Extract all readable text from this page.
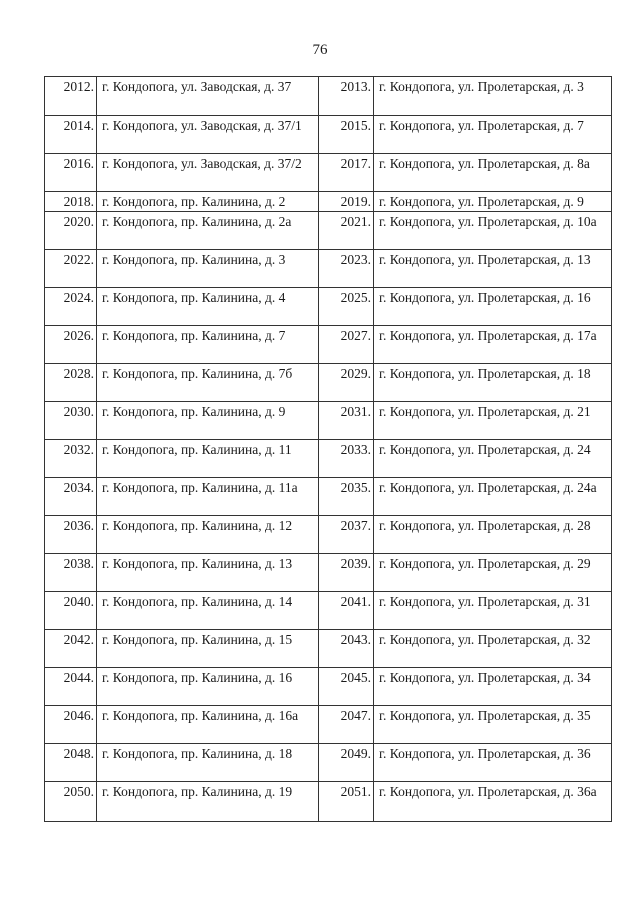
76
2012.	г. Кондопога, ул. Заводская, д. 37	2013.	г. Кондопога, ул. Пролетарская, д. 3
2014.	г. Кондопога, ул. Заводская, д. 37/1	2015.	г. Кондопога, ул. Пролетарская, д. 7
2016.	г. Кондопога, ул. Заводская, д. 37/2	2017.	г. Кондопога, ул. Пролетарская, д. 8а
2018.	г. Кондопога, пр. Калинина, д. 2	2019.	г. Кондопога, ул. Пролетарская, д. 9
2020.	г. Кондопога, пр. Калинина, д. 2а	2021.	г. Кондопога, ул. Пролетарская, д. 10а
2022.	г. Кондопога, пр. Калинина, д. 3	2023.	г. Кондопога, ул. Пролетарская, д. 13
2024.	г. Кондопога, пр. Калинина, д. 4	2025.	г. Кондопога, ул. Пролетарская, д. 16
2026.	г. Кондопога, пр. Калинина, д. 7	2027.	г. Кондопога, ул. Пролетарская, д. 17а
2028.	г. Кондопога, пр. Калинина, д. 7б	2029.	г. Кондопога, ул. Пролетарская, д. 18
2030.	г. Кондопога, пр. Калинина, д. 9	2031.	г. Кондопога, ул. Пролетарская, д. 21
2032.	г. Кондопога, пр. Калинина, д. 11	2033.	г. Кондопога, ул. Пролетарская, д. 24
2034.	г. Кондопога, пр. Калинина, д. 11а	2035.	г. Кондопога, ул. Пролетарская, д. 24а
2036.	г. Кондопога, пр. Калинина, д. 12	2037.	г. Кондопога, ул. Пролетарская, д. 28
2038.	г. Кондопога, пр. Калинина, д. 13	2039.	г. Кондопога, ул. Пролетарская, д. 29
2040.	г. Кондопога, пр. Калинина, д. 14	2041.	г. Кондопога, ул. Пролетарская, д. 31
2042.	г. Кондопога, пр. Калинина, д. 15	2043.	г. Кондопога, ул. Пролетарская, д. 32
2044.	г. Кондопога, пр. Калинина, д. 16	2045.	г. Кондопога, ул. Пролетарская, д. 34
2046.	г. Кондопога, пр. Калинина, д. 16а	2047.	г. Кондопога, ул. Пролетарская, д. 35
2048.	г. Кондопога, пр. Калинина, д. 18	2049.	г. Кондопога, ул. Пролетарская, д. 36
2050.	г. Кондопога, пр. Калинина, д. 19	2051.	г. Кондопога, ул. Пролетарская, д. 36а
